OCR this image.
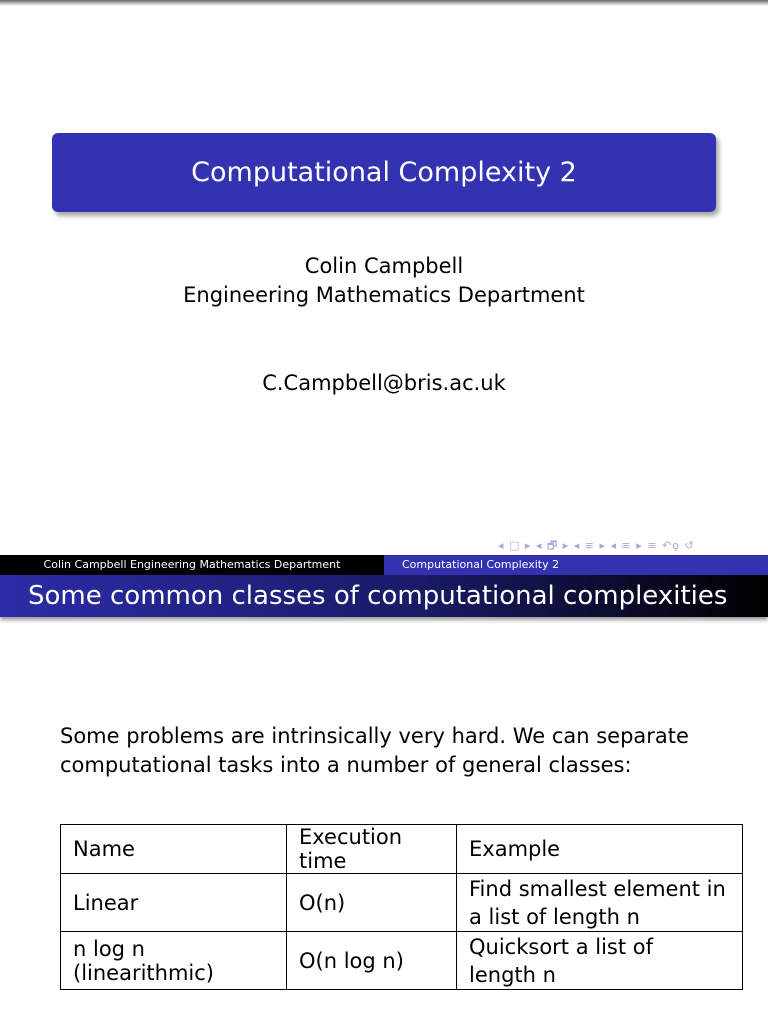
Computational Complexity 2
Colin Campbell
Engineering Mathematics Department
C.Campbell@bris.ac.uk
◂ □ ▸ ◂ 🗗 ▸ ◂ ≡ ▸ ◂ ≡ ▸ ≡ ↶ǫ ↺
Colin Campbell Engineering Mathematics Department	Computational Complexity 2
Some common classes of computational complexities
Some problems are intrinsically very hard. We can separate
computational tasks into a number of general classes:
Name	Execution time	Example
Linear	O(n)	Find smallest element in
a list of length n

n log n (linearithmic)	O(n log n)	Quicksort a list of
length n
